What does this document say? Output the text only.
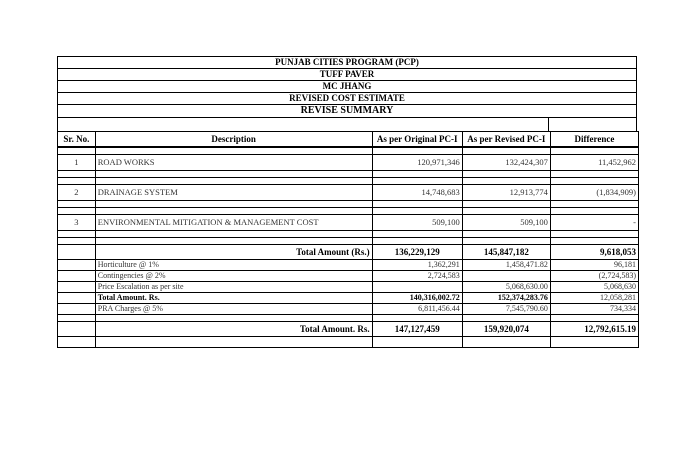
PUNJAB CITIES PROGRAM (PCP)
TUFF PAVER
MC JHANG
REVISED COST ESTIMATE
REVISE SUMMARY
Sr. No.	Description	As per Original PC-I	As per Revised PC-I	Difference

1	ROAD WORKS	120,971,346	132,424,307	11,452,962

2	DRAINAGE SYSTEM	14,748,683	12,913,774	(1,834,909)

3	ENVIRONMENTAL MITIGATION & MANAGEMENT COST	509,100	509,100	-

	Total Amount (Rs.)	136,229,129	145,847,182	9,618,053
	Horticulture @ 1%	1,362,291	1,458,471.82	96,181
	Contingencies @ 2%	2,724,583		(2,724,583)
	Price Escalation as per site		5,068,630.00	5,068,630
	Total Amount. Rs.	140,316,002.72	152,374,283.76	12,058,281
	PRA Charges @ 5%	6,811,456.44	7,545,790.60	734,334

	Total Amount. Rs.	147,127,459	159,920,074	12,792,615.19
